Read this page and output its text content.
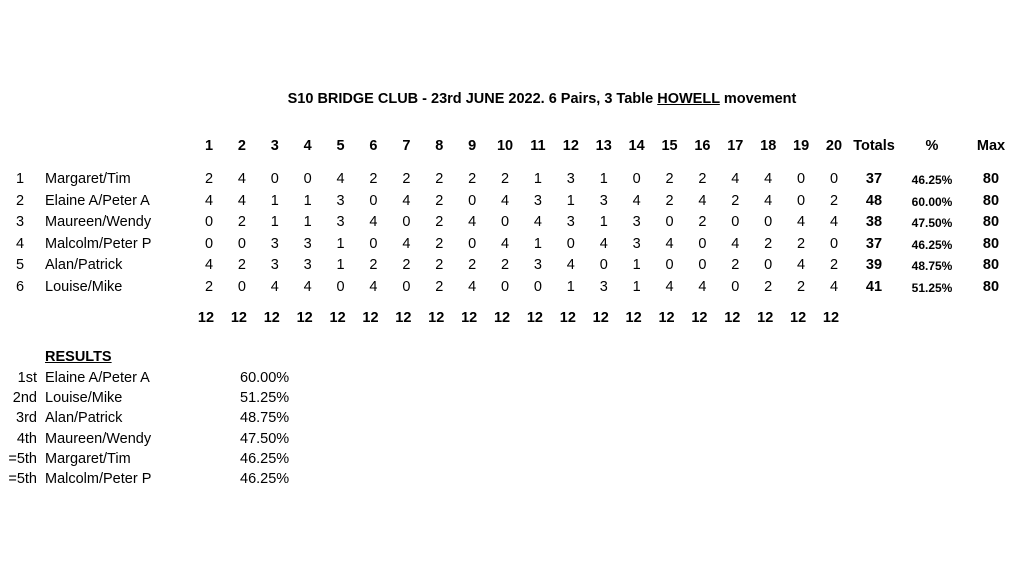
S10 BRIDGE CLUB - 23rd JUNE 2022. 6 Pairs, 3 Table HOWELL movement
1	2	3	4	5	6	7	8	9	10	11	12	13	14	15	16	17	18	19	20 Totals	%	Max
1 Margaret/Tim	2	4	0	0	4	2	2	2	2	2	1	3	1	0	2	2	4	4	0	0	37	46.25%	80
2 Elaine A/Peter A	4	4	1	1	3	0	4	2	0	4	3	1	3	4	2	4	2	4	0	2	48	60.00%	80
3 Maureen/Wendy	0	2	1	1	3	4	0	2	4	0	4	3	1	3	0	2	0	0	4	4	38	47.50%	80
4 Malcolm/Peter P	0	0	3	3	1	0	4	2	0	4	1	0	4	3	4	0	4	2	2	0	37	46.25%	80
5 Alan/Patrick	4	2	3	3	1	2	2	2	2	2	3	4	0	1	0	0	2	0	4	2	39	48.75%	80
6 Louise/Mike	2	0	4	4	0	4	0	2	4	0	0	1	3	1	4	4	0	2	2	4	41	51.25%	80
12	12	12	12	12	12	12	12	12	12	12	12	12	12	12	12	12	12	12	12
RESULTS
1st Elaine A/Peter A	60.00%
2nd Louise/Mike	51.25%
3rd Alan/Patrick	48.75%
4th Maureen/Wendy	47.50%
=5th Margaret/Tim	46.25%
=5th Malcolm/Peter P	46.25%
